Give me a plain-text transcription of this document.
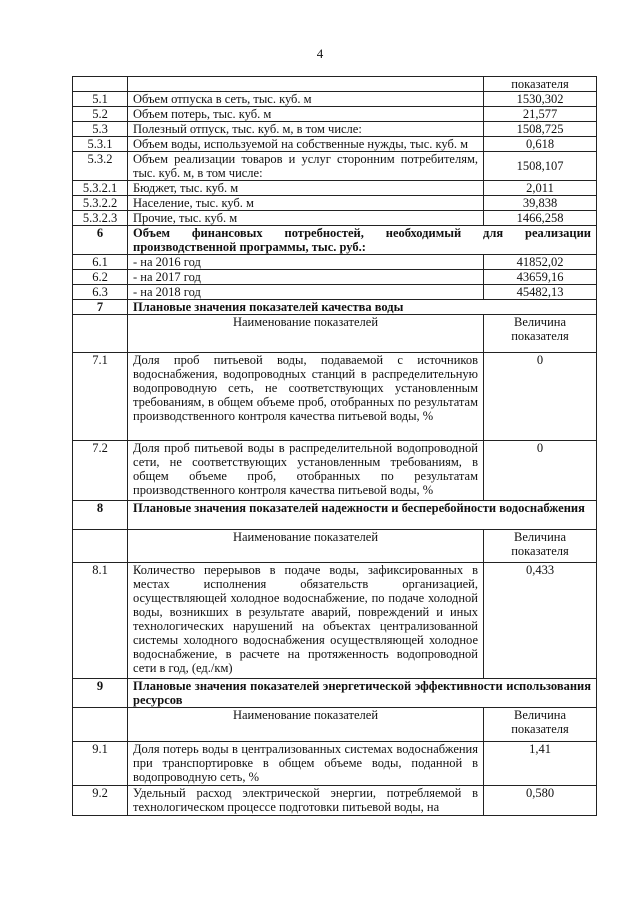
4
		показателя
5.1	Объем отпуска в сеть, тыс. куб. м	1530,302
5.2	Объем потерь, тыс. куб. м	21,577
5.3	Полезный отпуск, тыс. куб. м, в том числе:	1508,725
5.3.1	Объем воды, используемой на собственные нужды, тыс. куб. м	0,618
5.3.2	Объем реализации товаров и услуг сторонним потребителям, тыс. куб. м, в том числе:	1508,107
5.3.2.1	Бюджет, тыс. куб. м	2,011
5.3.2.2	Население, тыс. куб. м	39,838
5.3.2.3	Прочие, тыс. куб. м	1466,258
6	Объем финансовых потребностей, необходимый для реализации производственной программы, тыс. руб.:	
6.1	- на 2016 год	41852,02
6.2	- на 2017 год	43659,16
6.3	- на 2018 год	45482,13
7	Плановые значения показателей качества воды	
	Наименование показателей	Величина показателя
7.1	Доля проб питьевой воды, подаваемой с источников водоснабжения, водопроводных станций в распределительную водопроводную сеть, не соответствующих установленным требованиям, в общем объеме проб, отобранных по результатам производственного контроля качества питьевой воды, %	0
7.2	Доля проб питьевой воды в распределительной водопроводной сети, не соответствующих установленным требованиям, в общем объеме проб, отобранных по результатам производственного контроля качества питьевой воды, %	0
8	Плановые значения показателей надежности и бесперебойности водоснабжения	
	Наименование показателей	Величина показателя
8.1	Количество перерывов в подаче воды, зафиксированных в местах исполнения обязательств организацией, осуществляющей холодное водоснабжение, по подаче холодной воды, возникших в результате аварий, повреждений и иных технологических нарушений на объектах централизованной системы холодного водоснабжения осуществляющей холодное водоснабжение, в расчете на протяженность водопроводной сети в год, (ед./км)	0,433
9	Плановые значения показателей энергетической эффективности использования ресурсов	
	Наименование показателей	Величина показателя
9.1	Доля потерь воды в централизованных системах водоснабжения при транспортировке в общем объеме воды, поданной в водопроводную сеть, %	1,41
9.2	Удельный расход электрической энергии, потребляемой в технологическом процессе подготовки питьевой воды, на	0,580
